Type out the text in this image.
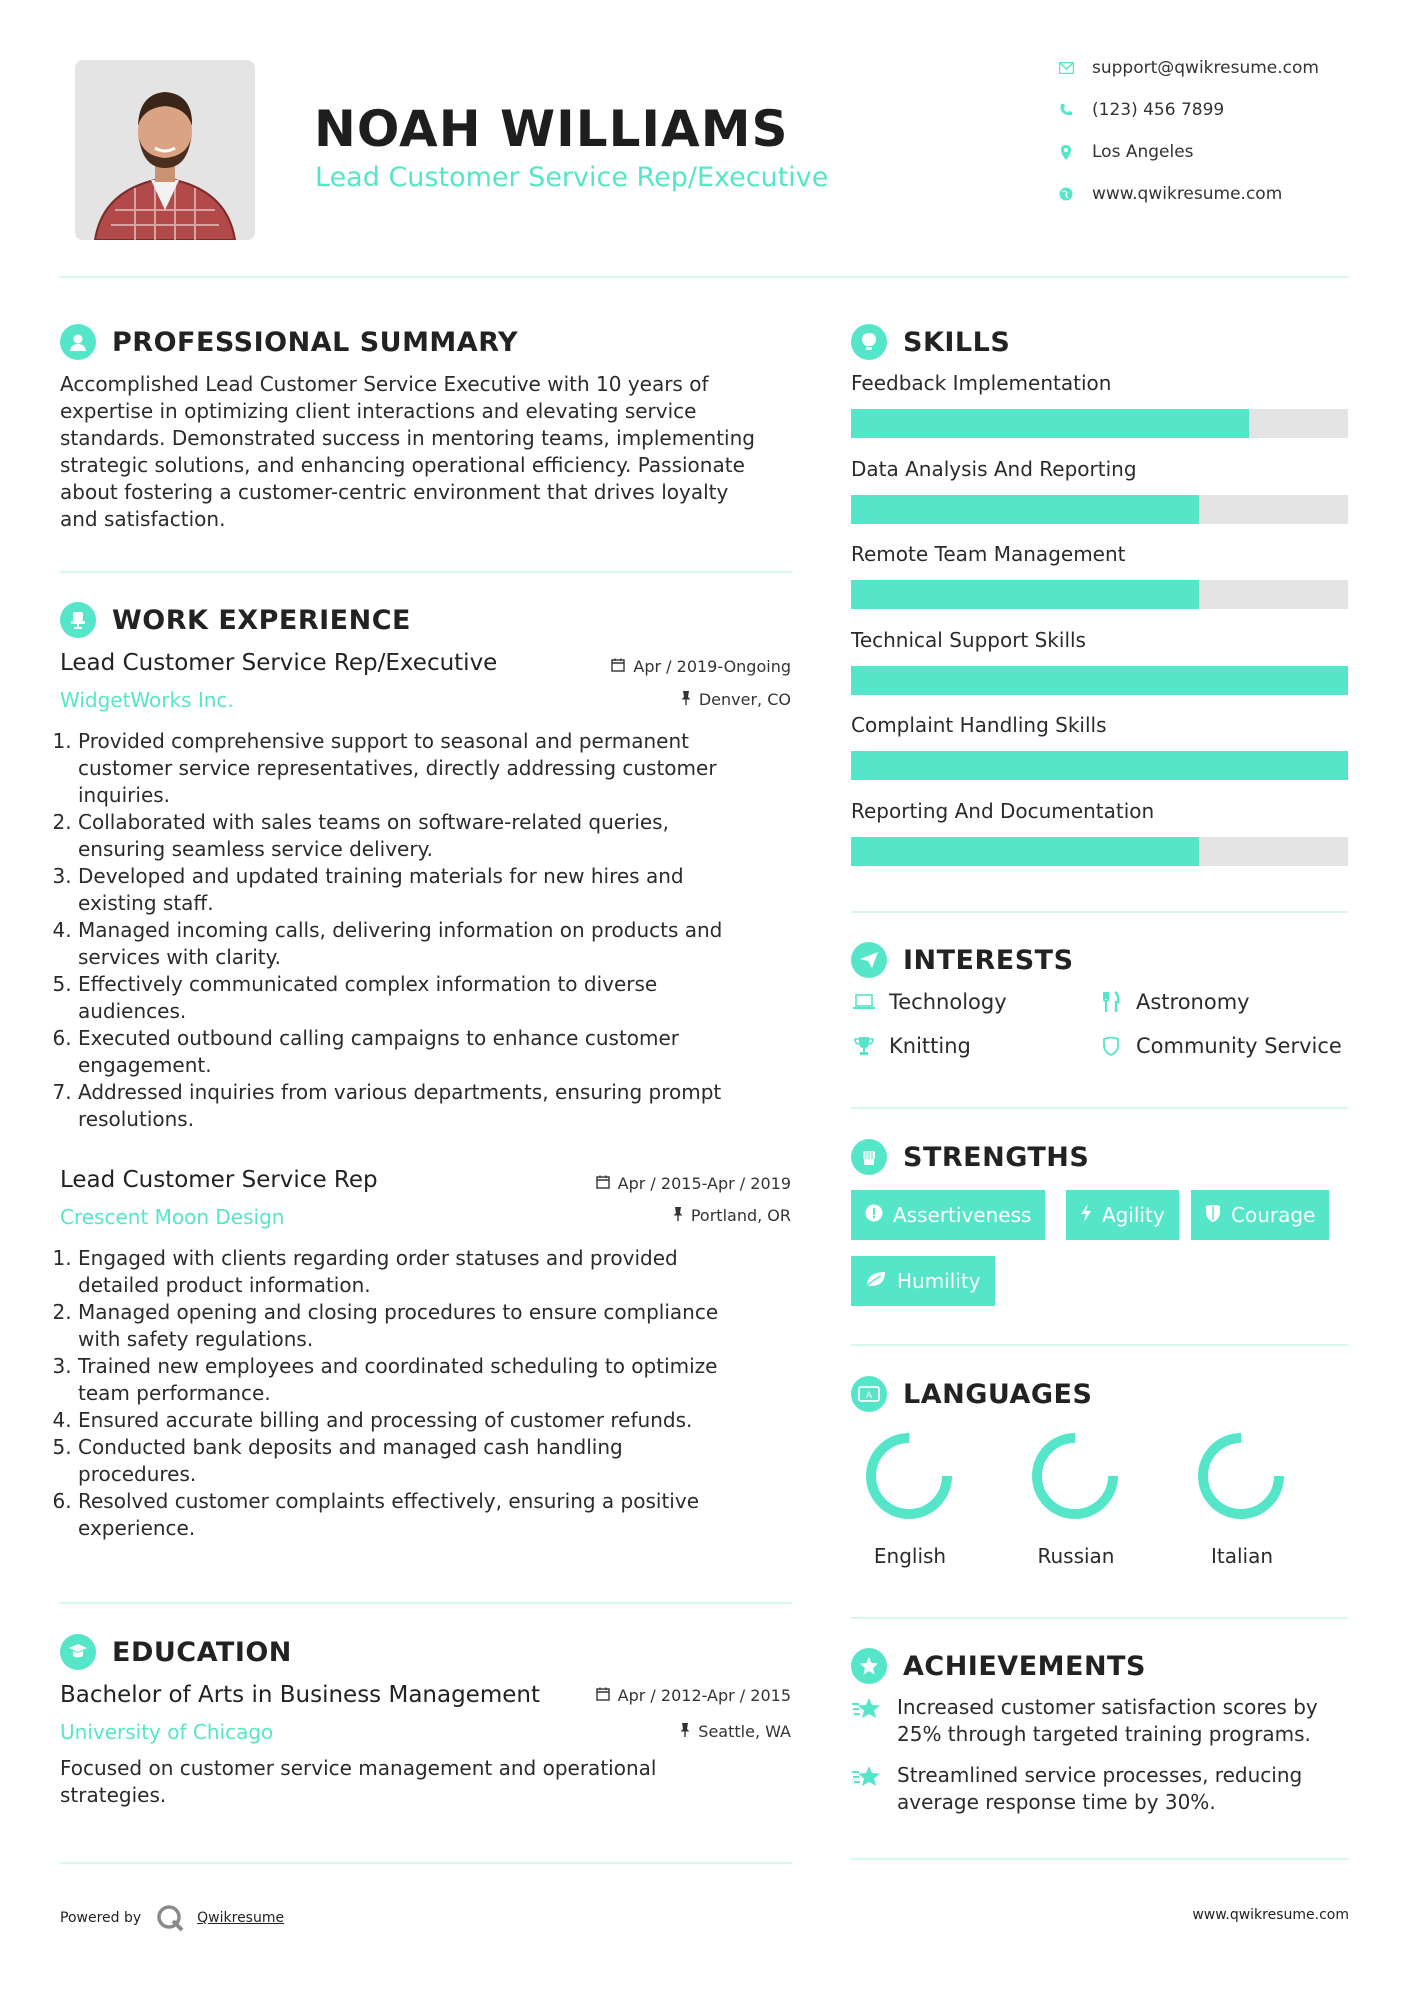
NOAH WILLIAMS
Lead Customer Service Rep/Executive
support@qwikresume.com
(123) 456 7899
Los Angeles
www.qwikresume.com
PROFESSIONAL SUMMARY
Accomplished Lead Customer Service Executive with 10 years of
expertise in optimizing client interactions and elevating service
standards. Demonstrated success in mentoring teams, implementing
strategic solutions, and enhancing operational efficiency. Passionate
about fostering a customer-centric environment that drives loyalty
and satisfaction.
WORK EXPERIENCE
Lead Customer Service Rep/Executive
WidgetWorks Inc.
Apr / 2019-Ongoing
Denver, CO
1. Provided comprehensive support to seasonal and permanent
customer service representatives, directly addressing customer
inquiries.
2. Collaborated with sales teams on software-related queries,
ensuring seamless service delivery.
3. Developed and updated training materials for new hires and
existing staff.
4. Managed incoming calls, delivering information on products and
services with clarity.
5. Effectively communicated complex information to diverse
audiences.
6. Executed outbound calling campaigns to enhance customer
engagement.
7. Addressed inquiries from various departments, ensuring prompt
resolutions.
Lead Customer Service Rep
Crescent Moon Design
Apr / 2015-Apr / 2019
Portland, OR
1. Engaged with clients regarding order statuses and provided
detailed product information.
2. Managed opening and closing procedures to ensure compliance
with safety regulations.
3. Trained new employees and coordinated scheduling to optimize
team performance.
4. Ensured accurate billing and processing of customer refunds.
5. Conducted bank deposits and managed cash handling
procedures.
6. Resolved customer complaints effectively, ensuring a positive
experience.
EDUCATION
Bachelor of Arts in Business Management
University of Chicago
Apr / 2012-Apr / 2015
Seattle, WA
Focused on customer service management and operational
strategies.
SKILLS
Feedback Implementation
Data Analysis And Reporting
Remote Team Management
Technical Support Skills
Complaint Handling Skills
Reporting And Documentation
INTERESTS
Technology	Astronomy
Knitting	Community Service
STRENGTHS
Assertiveness	Agility	Courage
Humility
A LANGUAGES
English	Russian	Italian
ACHIEVEMENTS
Increased customer satisfaction scores by
25% through targeted training programs.
Streamlined service processes, reducing
average response time by 30%.
Powered by	Qwikresume	www.qwikresume.com
